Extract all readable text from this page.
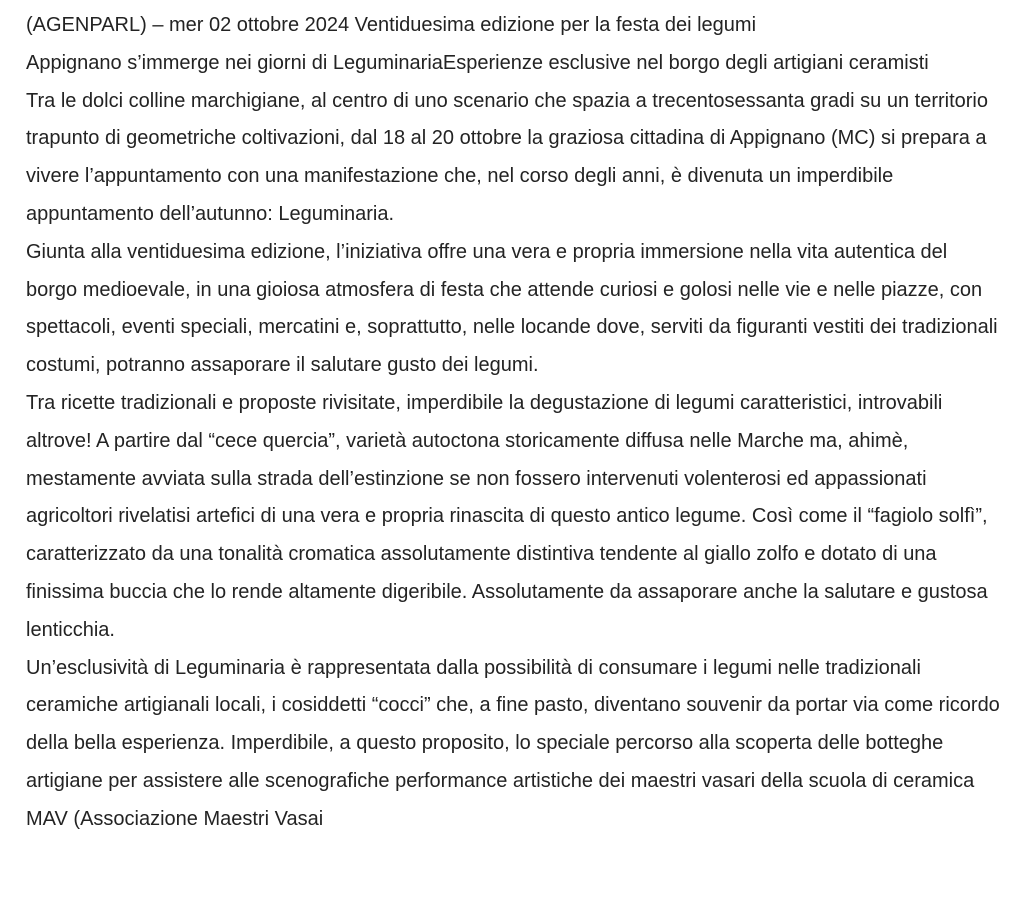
(AGENPARL) – mer 02 ottobre 2024 Ventiduesima edizione per la festa dei legumi

Appignano s’immerge nei giorni di LeguminariaEsperienze esclusive nel borgo degli artigiani ceramisti

Tra le dolci colline marchigiane, al centro di uno scenario che spazia a trecentosessanta gradi su un territorio trapunto di geometriche coltivazioni, dal 18 al 20 ottobre la graziosa cittadina di Appignano (MC) si prepara a vivere l’appuntamento con una manifestazione che, nel corso degli anni, è divenuta un imperdibile appuntamento dell’autunno: Leguminaria.

Giunta alla ventiduesima edizione, l’iniziativa offre una vera e propria immersione nella vita autentica del borgo medioevale, in una gioiosa atmosfera di festa che attende curiosi e golosi nelle vie e nelle piazze, con spettacoli, eventi speciali, mercatini e, soprattutto, nelle locande dove, serviti da figuranti vestiti dei tradizionali costumi, potranno assaporare il salutare gusto dei legumi.

Tra ricette tradizionali e proposte rivisitate, imperdibile la degustazione di legumi caratteristici, introvabili altrove! A partire dal “cece quercia”, varietà autoctona storicamente diffusa nelle Marche ma, ahimè, mestamente avviata sulla strada dell’estinzione se non fossero intervenuti volenterosi ed appassionati agricoltori rivelatisi artefici di una vera e propria rinascita di questo antico legume. Così come il “fagiolo solfì”, caratterizzato da una tonalità cromatica assolutamente distintiva tendente al giallo zolfo e dotato di una finissima buccia che lo rende altamente digeribile. Assolutamente da assaporare anche la salutare e gustosa lenticchia.

Un’esclusività di Leguminaria è rappresentata dalla possibilità di consumare i legumi nelle tradizionali ceramiche artigianali locali, i cosiddetti “cocci” che, a fine pasto, diventano souvenir da portar via come ricordo della bella esperienza. Imperdibile, a questo proposito, lo speciale percorso alla scoperta delle botteghe artigiane per assistere alle scenografiche performance artistiche dei maestri vasari della scuola di ceramica MAV (Associazione Maestri Vasai
